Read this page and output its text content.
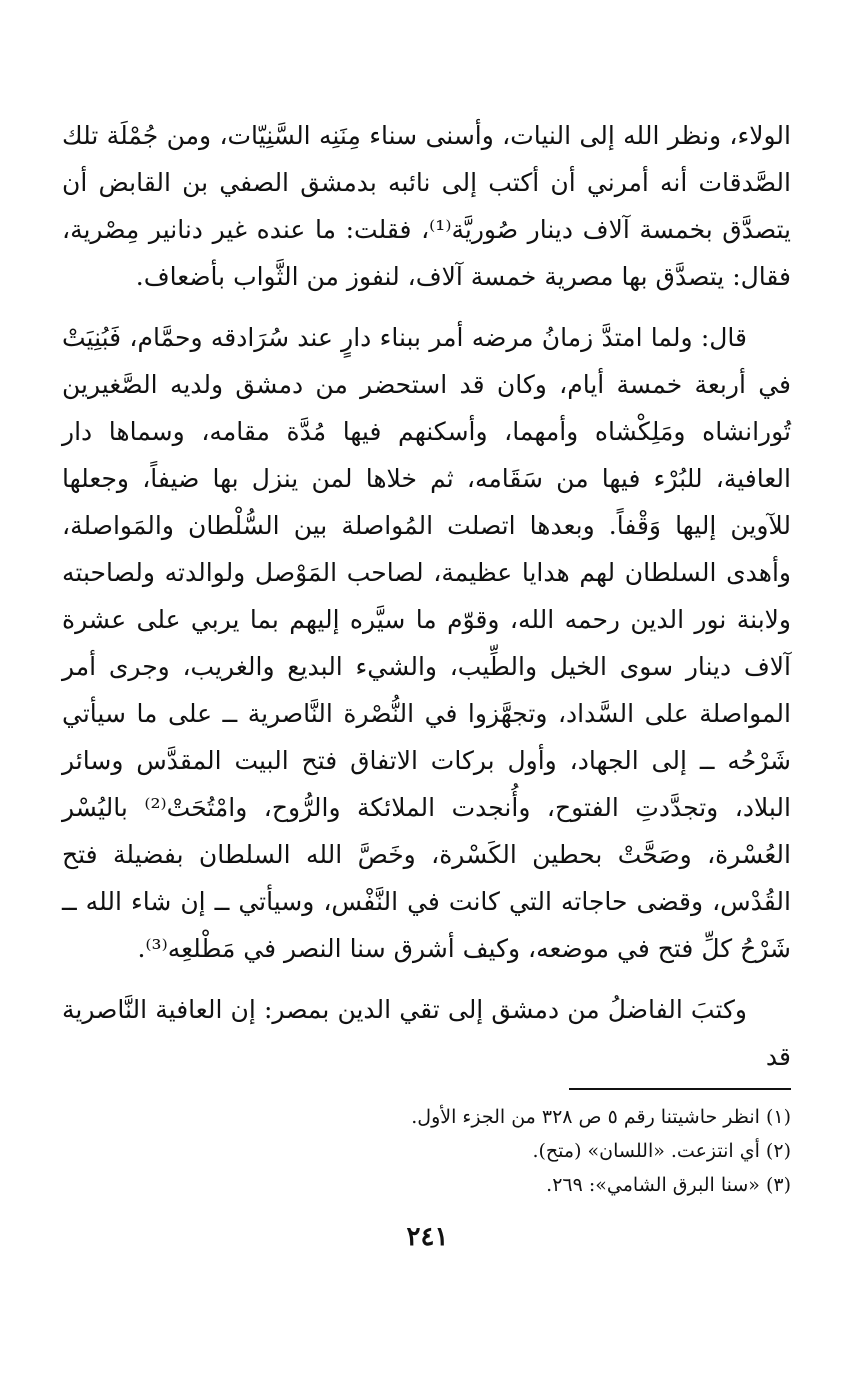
الولاء، ونظر الله إلى النيات، وأسنى سناء مِنَنِه السَّنِيّات، ومن جُمْلَة تلك الصَّدقات أنه أمرني أن أكتب إلى نائبه بدمشق الصفي بن القابض أن يتصدَّق بخمسة آلاف دينار صُوريَّة⁽¹⁾، فقلت: ما عنده غير دنانير مِصْرية، فقال: يتصدَّق بها مصرية خمسة آلاف، لنفوز من الثَّواب بأضعاف.

قال: ولما امتدَّ زمانُ مرضه أمر ببناء دارٍ عند سُرَادقه وحمَّام، فَبُنِيَتْ في أربعة خمسة أيام، وكان قد استحضر من دمشق ولديه الصَّغيرين تُورانشاه ومَلِكْشاه وأمهما، وأسكنهم فيها مُدَّة مقامه، وسماها دار العافية، للبُرْء فيها من سَقَامه، ثم خلاها لمن ينزل بها ضيفاً، وجعلها للآوين إليها وَقْفاً. وبعدها اتصلت المُواصلة بين السُّلْطان والمَواصلة، وأهدى السلطان لهم هدايا عظيمة، لصاحب المَوْصل ولوالدته ولصاحبته ولابنة نور الدين رحمه الله، وقوّم ما سيَّره إليهم بما يربي على عشرة آلاف دينار سوى الخيل والطِّيب، والشيء البديع والغريب، وجرى أمر المواصلة على السَّداد، وتجهَّزوا في النُّصْرة النَّاصرية ــ على ما سيأتي شَرْحُه ــ إلى الجهاد، وأول بركات الاتفاق فتح البيت المقدَّس وسائر البلاد، وتجدَّدتِ الفتوح، وأُنجدت الملائكة والرُّوح، وامْتُحَتْ⁽²⁾ باليُسْر العُسْرة، وصَحَّتْ بحطين الكَسْرة، وخَصَّ الله السلطان بفضيلة فتح القُدْس، وقضى حاجاته التي كانت في النَّفْس، وسيأتي ــ إن شاء الله ــ شَرْحُ كلِّ فتح في موضعه، وكيف أشرق سنا النصر في مَطْلعِه⁽³⁾.

وكتبَ الفاضلُ من دمشق إلى تقي الدين بمصر: إن العافية النَّاصرية قد

(١) انظر حاشيتنا رقم ٥ ص ٣٢٨ من الجزء الأول.

(٢) أي انتزعت. «اللسان» (متح).

(٣) «سنا البرق الشامي»: ٢٦٩.

٢٤١
